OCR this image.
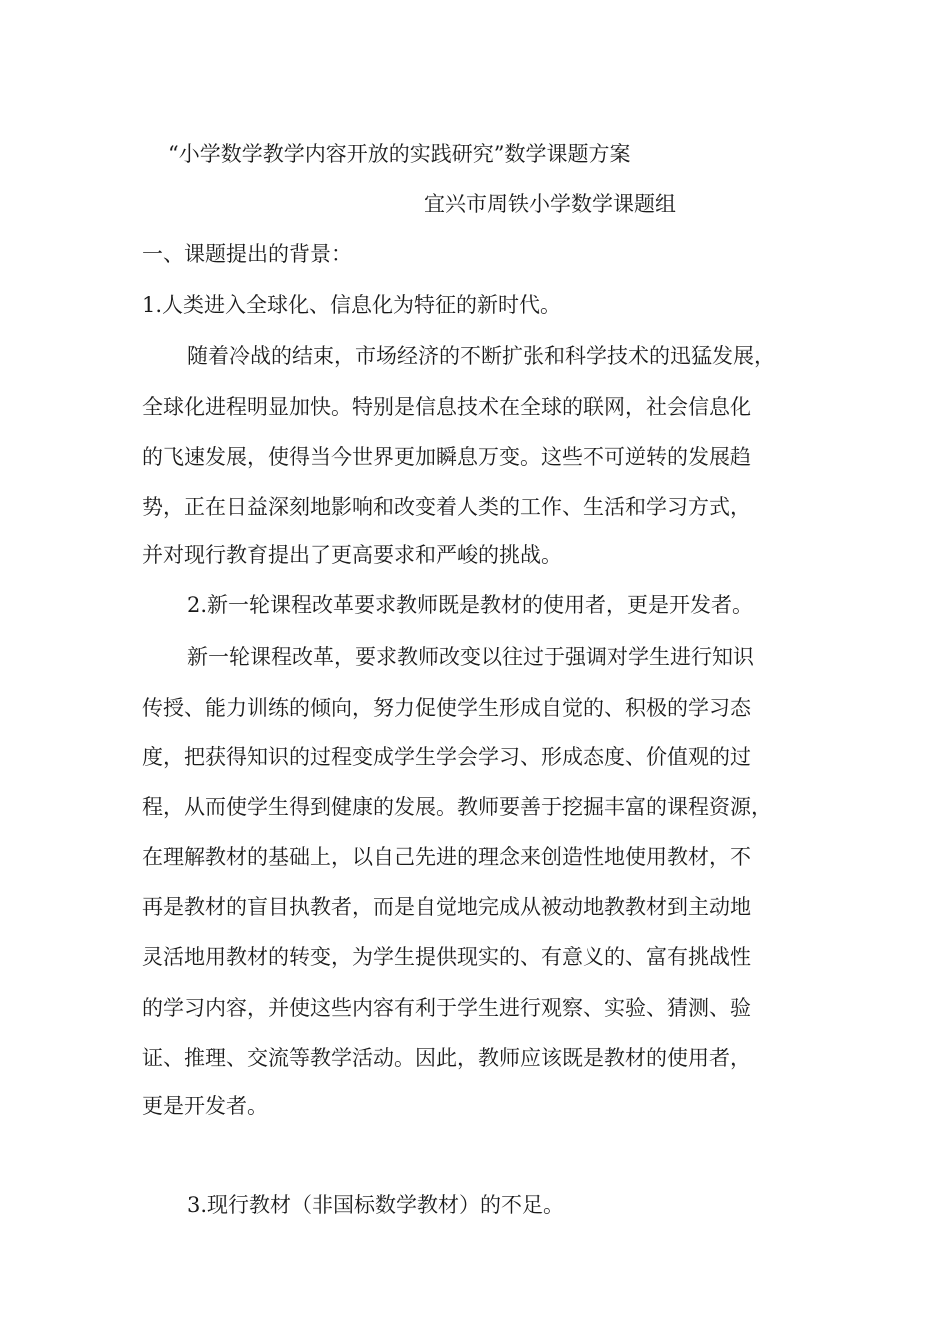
“小学数学教学内容开放的实践研究”数学课题方案
宜兴市周铁小学数学课题组
一、课题提出的背景：
1.人类进入全球化、信息化为特征的新时代。
随着冷战的结束，市场经济的不断扩张和科学技术的迅猛发展，
全球化进程明显加快。特别是信息技术在全球的联网，社会信息化
的飞速发展，使得当今世界更加瞬息万变。这些不可逆转的发展趋
势，正在日益深刻地影响和改变着人类的工作、生活和学习方式，
并对现行教育提出了更高要求和严峻的挑战。
2.新一轮课程改革要求教师既是教材的使用者，更是开发者。
新一轮课程改革，要求教师改变以往过于强调对学生进行知识
传授、能力训练的倾向，努力促使学生形成自觉的、积极的学习态
度，把获得知识的过程变成学生学会学习、形成态度、价值观的过
程，从而使学生得到健康的发展。教师要善于挖掘丰富的课程资源，
在理解教材的基础上，以自己先进的理念来创造性地使用教材，不
再是教材的盲目执教者，而是自觉地完成从被动地教教材到主动地
灵活地用教材的转变，为学生提供现实的、有意义的、富有挑战性
的学习内容，并使这些内容有利于学生进行观察、实验、猜测、验
证、推理、交流等教学活动。因此，教师应该既是教材的使用者，
更是开发者。
3.现行教材（非国标数学教材）的不足。
